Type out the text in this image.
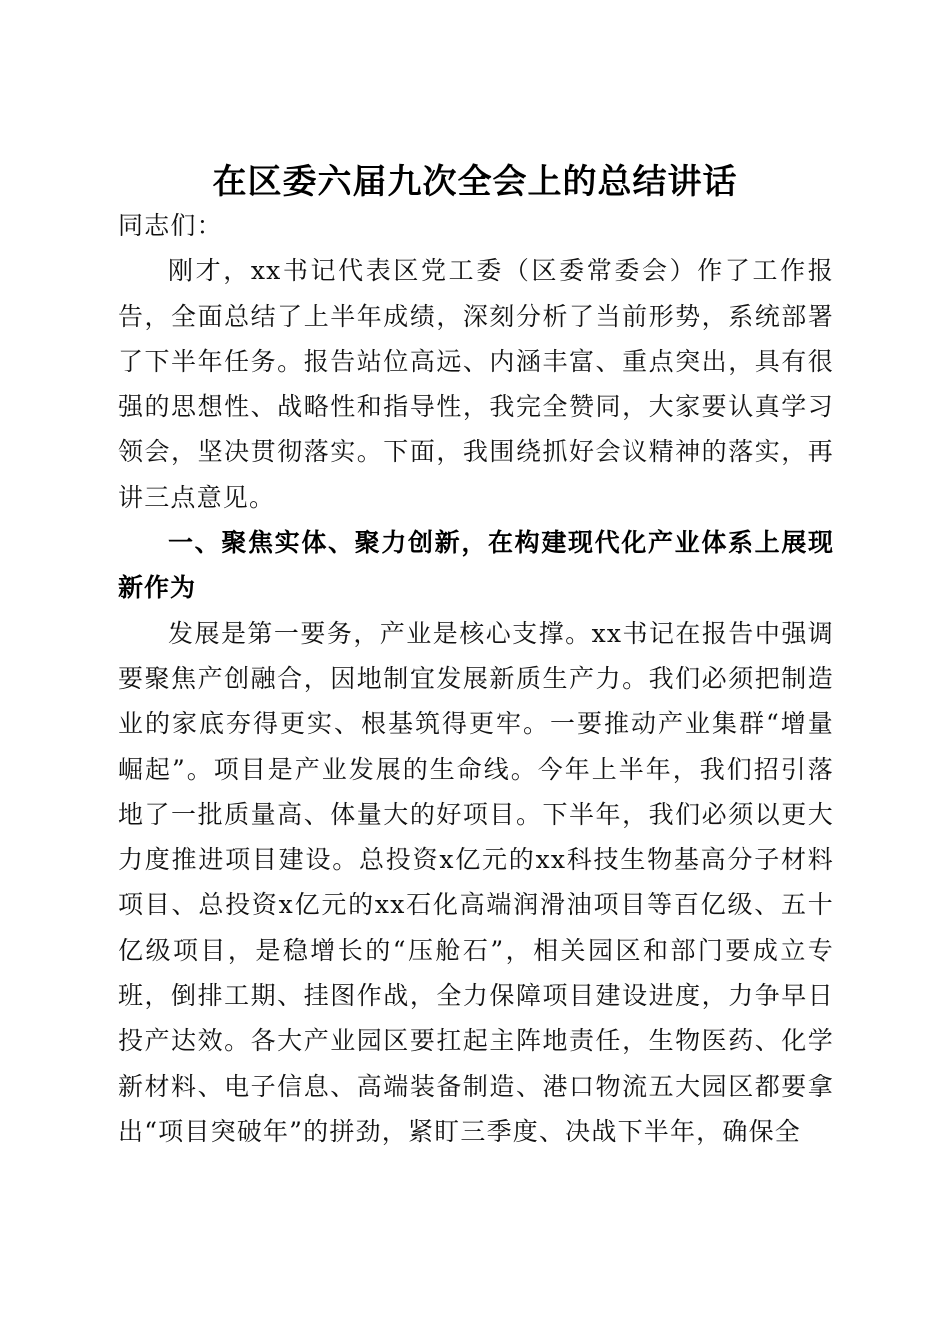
在区委六届九次全会上的总结讲话

同志们：

刚才，xx书记代表区党工委（区委常委会）作了工作报告，全面总结了上半年成绩，深刻分析了当前形势，系统部署了下半年任务。报告站位高远、内涵丰富、重点突出，具有很强的思想性、战略性和指导性，我完全赞同，大家要认真学习领会，坚决贯彻落实。下面，我围绕抓好会议精神的落实，再讲三点意见。

一、聚焦实体、聚力创新，在构建现代化产业体系上展现新作为

发展是第一要务，产业是核心支撑。xx书记在报告中强调要聚焦产创融合，因地制宜发展新质生产力。我们必须把制造业的家底夯得更实、根基筑得更牢。一要推动产业集群“增量崛起”。项目是产业发展的生命线。今年上半年，我们招引落地了一批质量高、体量大的好项目。下半年，我们必须以更大力度推进项目建设。总投资x亿元的xx科技生物基高分子材料项目、总投资x亿元的xx石化高端润滑油项目等百亿级、五十亿级项目，是稳增长的“压舱石”，相关园区和部门要成立专班，倒排工期、挂图作战，全力保障项目建设进度，力争早日投产达效。各大产业园区要扛起主阵地责任，生物医药、化学新材料、电子信息、高端装备制造、港口物流五大园区都要拿出“项目突破年”的拼劲，紧盯三季度、决战下半年，确保全
